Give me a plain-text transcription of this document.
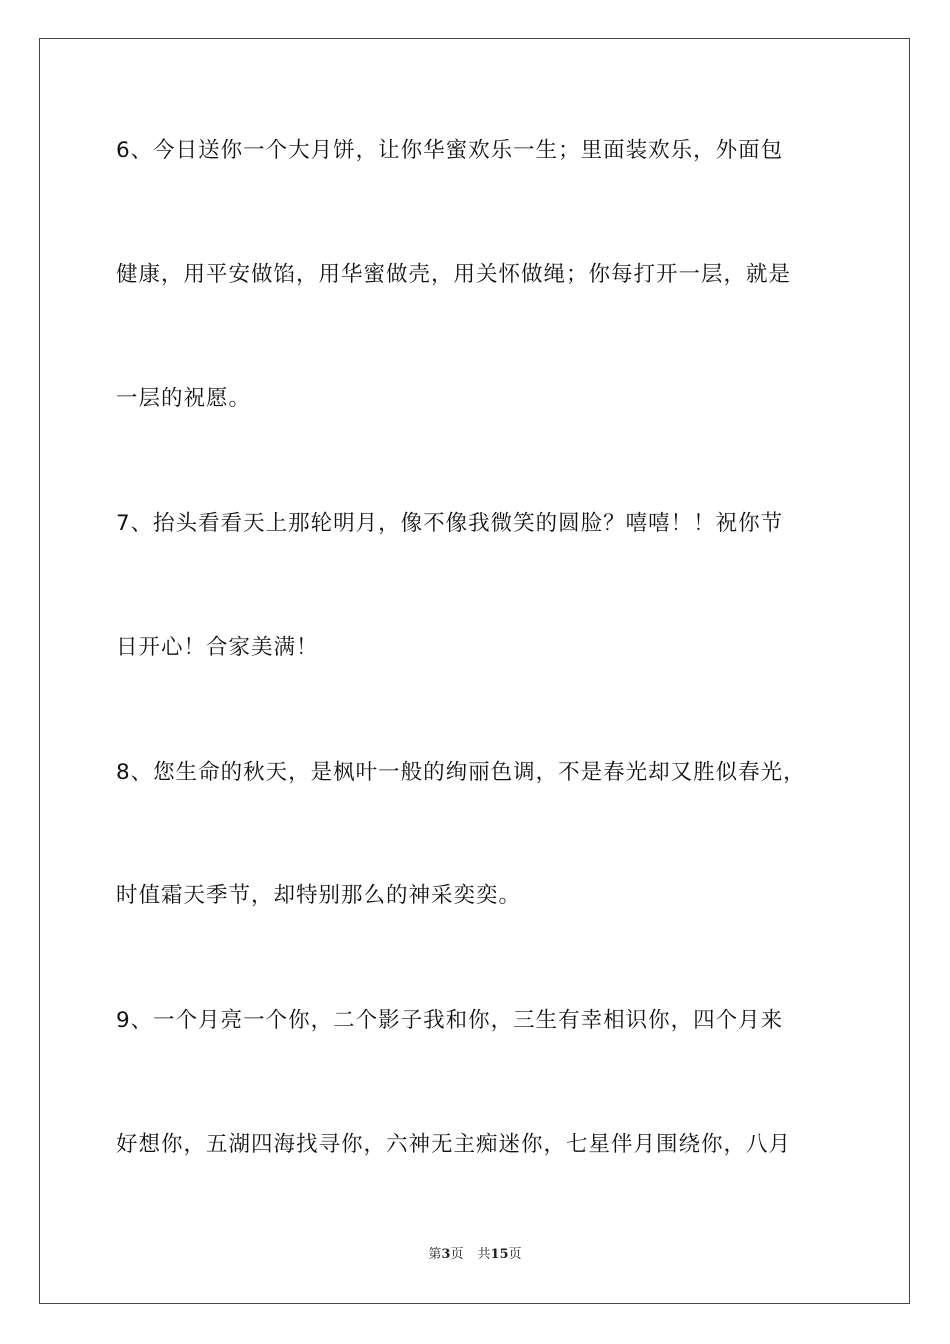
6、今日送你一个大月饼，让你华蜜欢乐一生；里面装欢乐，外面包
健康，用平安做馅，用华蜜做壳，用关怀做绳；你每打开一层，就是
一层的祝愿。
7、抬头看看天上那轮明月，像不像我微笑的圆脸？嘻嘻！！祝你节
日开心！合家美满！
8、您生命的秋天，是枫叶一般的绚丽色调，不是春光却又胜似春光，
时值霜天季节，却特别那么的神采奕奕。
9、一个月亮一个你，二个影子我和你，三生有幸相识你，四个月来
好想你，五湖四海找寻你，六神无主痴迷你，七星伴月围绕你，八月
第3页 共15页
